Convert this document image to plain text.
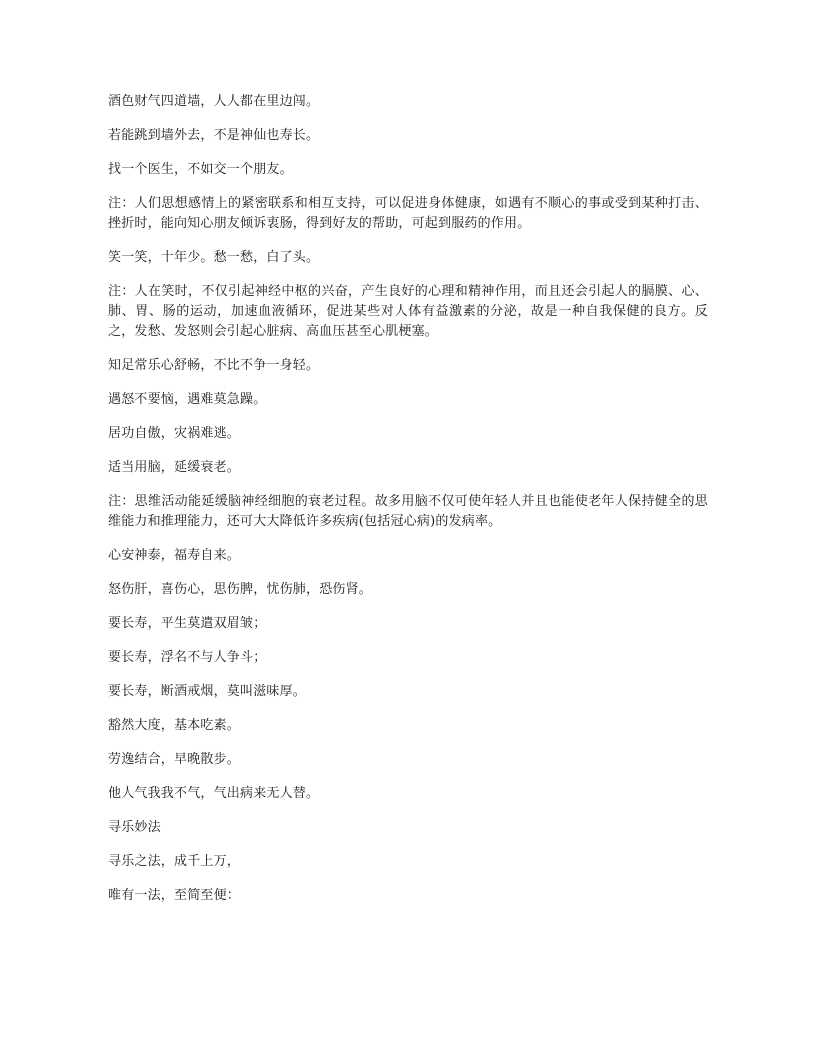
酒色财气四道墙，人人都在里边闯。

若能跳到墙外去，不是神仙也寿长。

找一个医生，不如交一个朋友。

注：人们思想感情上的紧密联系和相互支持，可以促进身体健康，如遇有不顺心的事或受到某种打击、挫折时，能向知心朋友倾诉衷肠，得到好友的帮助，可起到服药的作用。

笑一笑，十年少。愁一愁，白了头。

注：人在笑时，不仅引起神经中枢的兴奋，产生良好的心理和精神作用，而且还会引起人的膈膜、心、肺、胃、肠的运动，加速血液循环，促进某些对人体有益激素的分泌，故是一种自我保健的良方。反之，发愁、发怒则会引起心脏病、高血压甚至心肌梗塞。

知足常乐心舒畅，不比不争一身轻。

遇怒不要恼，遇难莫急躁。

居功自傲，灾祸难逃。

适当用脑，延缓衰老。

注：思维活动能延缓脑神经细胞的衰老过程。故多用脑不仅可使年轻人并且也能使老年人保持健全的思维能力和推理能力，还可大大降低许多疾病(包括冠心病)的发病率。

心安神泰，福寿自来。

怒伤肝，喜伤心，思伤脾，忧伤肺，恐伤肾。

要长寿，平生莫遣双眉皱；

要长寿，浮名不与人争斗；

要长寿，断酒戒烟，莫叫滋味厚。

豁然大度，基本吃素。

劳逸结合，早晚散步。

他人气我我不气，气出病来无人替。

寻乐妙法

寻乐之法，成千上万，

唯有一法，至简至便：
